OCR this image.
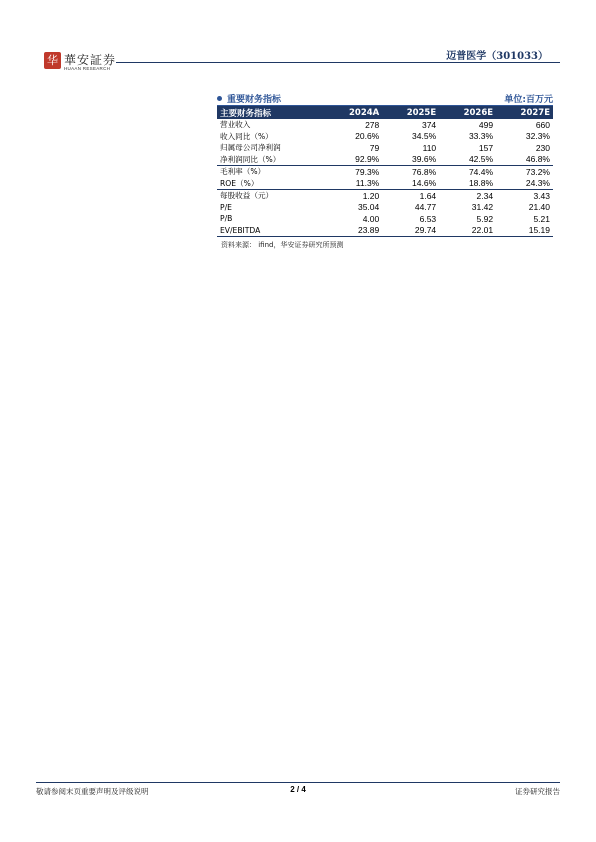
华 華安証券
HUAAN RESEARCH
迈普医学（301033）
重要财务指标	单位:百万元
主要财务指标	2024A	2025E	2026E	2027E
营业收入	278	374	499	660
收入同比（%）	20.6%	34.5%	33.3%	32.3%
归属母公司净利润	79	110	157	230
净利润同比（%）	92.9%	39.6%	42.5%	46.8%
毛利率（%）	79.3%	76.8%	74.4%	73.2%
ROE（%）	11.3%	14.6%	18.8%	24.3%
每股收益（元）	1.20	1.64	2.34	3.43
P/E	35.04	44.77	31.42	21.40
P/B	4.00	6.53	5.92	5.21
EV/EBITDA	23.89	29.74	22.01	15.19
资料来源： ifind，华安证券研究所预测
敬请参阅末页重要声明及评级说明	2 / 4	证券研究报告
